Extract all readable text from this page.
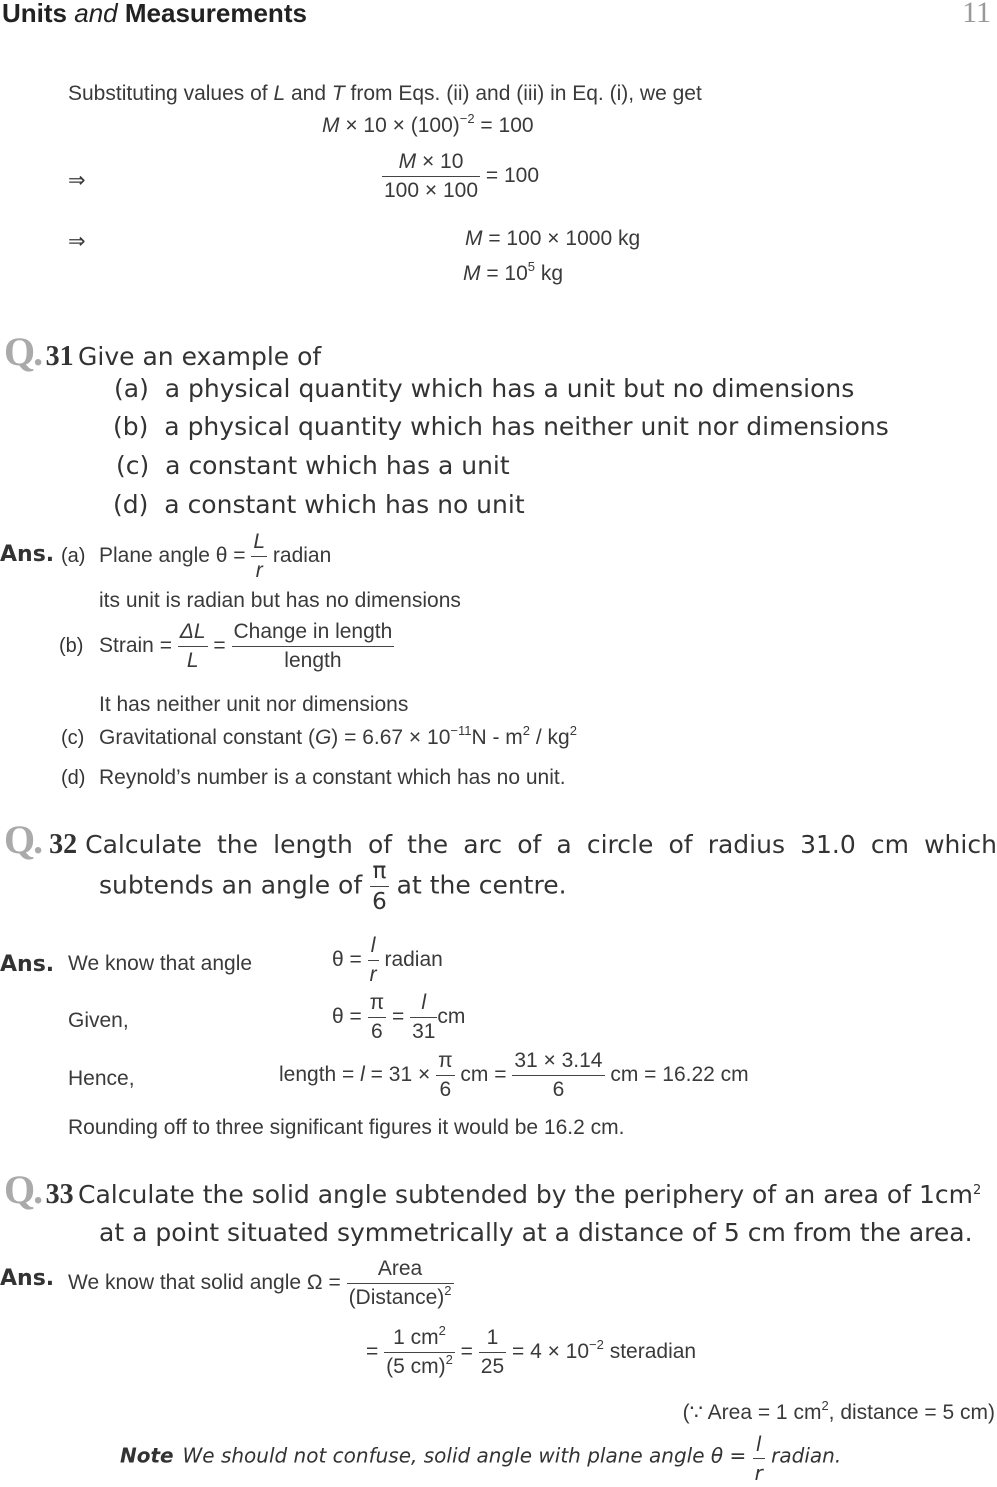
Units and Measurements	11
Substituting values of L and T from Eqs. (ii) and (iii) in Eq. (i), we get
$M \times 10 \times (100)^{-2} = 100$
⇒	$\frac{M \times 10}{100 \times 100} = 100$
⇒	M = 100 × 1000 kg
$M = 10^5$ kg
Q. 31 Give an example of
(a) a physical quantity which has a unit but no dimensions
(b) a physical quantity which has neither unit nor dimensions
(c) a constant which has a unit
(d) a constant which has no unit
Ans. (a) Plane angle $\theta = \frac{L}{r}$ radian
its unit is radian but has no dimensions
(b) Strain = $\frac{\Delta L}{L} = \frac{\text{Change in length}}{\text{length}}$
It has neither unit nor dimensions
(c) Gravitational constant $(G) = 6.67 \times 10^{-11}N - m^2 / kg^2$
(d) Reynold’s number is a constant which has no unit.
Q. 32 Calculate the length of the arc of a circle of radius 31.0 cm which
subtends an angle of $\frac{\pi}{6}$ at the centre.
Ans. We know that angle	$\theta = \frac{l}{r}$ radian
Given,	$\theta = \frac{\pi}{6} = \frac{l}{31}$ cm
Hence,	length = $l = 31 \times \frac{\pi}{6}$ cm = $\frac{31 \times 3.14}{6}$ cm = 16.22 cm
Rounding off to three significant figures it would be 16.2 cm.
Q. 33 Calculate the solid angle subtended by the periphery of an area of $1cm^2$
at a point situated symmetrically at a distance of 5 cm from the area.
Ans. We know that solid angle $\Omega = \frac{\text{Area}}{(Distance)^2}$
= $\frac{1 cm^2}{(5 cm)^2} = \frac{1}{25} = 4 \times 10^{-2}$ steradian
(∵ Area = 1 $cm^2$, distance = 5 cm)
Note We should not confuse, solid angle with plane angle $\theta = \frac{l}{r}$ radian.
